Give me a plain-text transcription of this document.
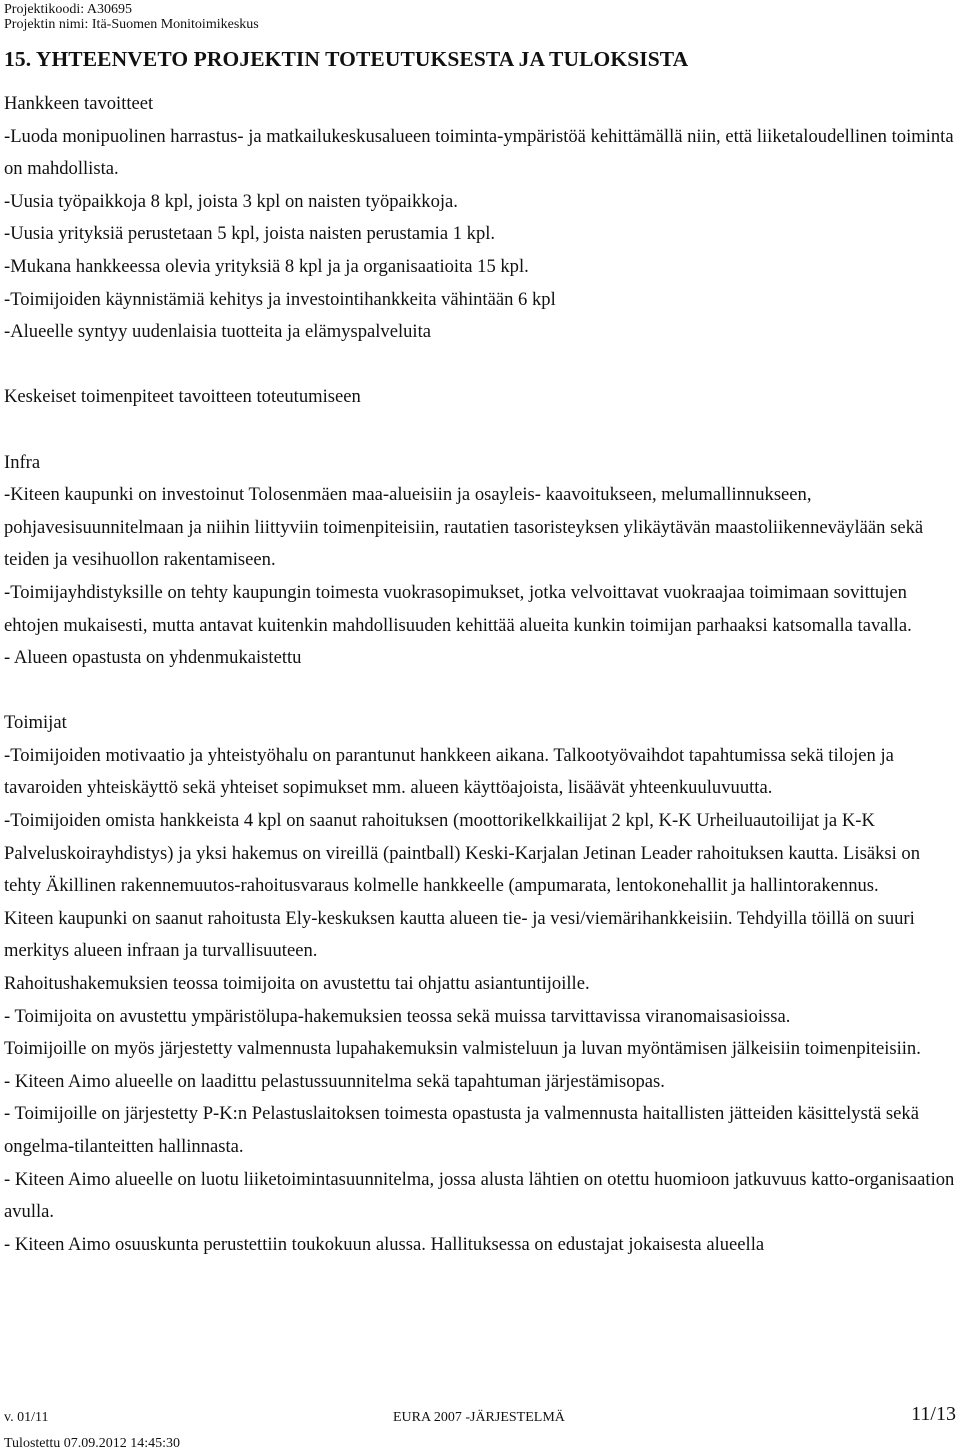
Projektikoodi: A30695
Projektin nimi: Itä-Suomen Monitoimikeskus
15. YHTEENVETO PROJEKTIN TOTEUTUKSESTA JA TULOKSISTA

Hankkeen tavoitteet

-Luoda monipuolinen harrastus- ja matkailukeskusalueen toiminta-ympäristöä kehittämällä niin, että liiketaloudellinen toiminta on mahdollista.

-Uusia työpaikkoja 8 kpl, joista 3 kpl on naisten työpaikkoja.

-Uusia yrityksiä perustetaan 5 kpl, joista naisten perustamia 1 kpl.

-Mukana hankkeessa olevia yrityksiä 8 kpl ja ja organisaatioita 15 kpl.

-Toimijoiden käynnistämiä kehitys ja investointihankkeita vähintään 6 kpl

-Alueelle syntyy uudenlaisia tuotteita ja elämyspalveluita

Keskeiset toimenpiteet tavoitteen toteutumiseen

Infra

-Kiteen kaupunki on investoinut Tolosenmäen maa-alueisiin ja osayleis- kaavoitukseen, melumallinnukseen, pohjavesisuunnitelmaan ja niihin liittyviin toimenpiteisiin, rautatien tasoristeyksen ylikäytävän maastoliikenneväylään sekä teiden ja vesihuollon rakentamiseen.

-Toimijayhdistyksille on tehty kaupungin toimesta vuokrasopimukset, jotka velvoittavat vuokraajaa toimimaan sovittujen ehtojen mukaisesti, mutta antavat kuitenkin mahdollisuuden kehittää alueita kunkin toimijan parhaaksi katsomalla tavalla.

- Alueen opastusta on yhdenmukaistettu

Toimijat

-Toimijoiden motivaatio ja yhteistyöhalu on parantunut hankkeen aikana. Talkootyövaihdot tapahtumissa sekä tilojen ja tavaroiden yhteiskäyttö sekä yhteiset sopimukset mm. alueen käyttöajoista, lisäävät yhteenkuuluvuutta.

-Toimijoiden omista hankkeista 4 kpl on saanut rahoituksen (moottorikelkkailijat 2 kpl, K-K Urheiluautoilijat ja K-K Palveluskoirayhdistys) ja yksi hakemus on vireillä (paintball) Keski-Karjalan Jetinan Leader rahoituksen kautta. Lisäksi on tehty Äkillinen rakennemuutos-rahoitusvaraus kolmelle hankkeelle (ampumarata, lentokonehallit ja hallintorakennus.

Kiteen kaupunki on saanut rahoitusta Ely-keskuksen kautta alueen tie- ja vesi/viemärihankkeisiin. Tehdyilla töillä on suuri merkitys alueen infraan ja turvallisuuteen.

Rahoitushakemuksien teossa toimijoita on avustettu tai ohjattu asiantuntijoille.

- Toimijoita on avustettu ympäristölupa-hakemuksien teossa sekä muissa tarvittavissa viranomaisasioissa.

Toimijoille on myös järjestetty valmennusta lupahakemuksin valmisteluun ja luvan myöntämisen jälkeisiin toimenpiteisiin.

- Kiteen Aimo alueelle on laadittu pelastussuunnitelma sekä tapahtuman järjestämisopas.

- Toimijoille on järjestetty P-K:n Pelastuslaitoksen toimesta opastusta ja valmennusta haitallisten jätteiden käsittelystä sekä ongelma-tilanteitten hallinnasta.

- Kiteen Aimo alueelle on luotu liiketoimintasuunnitelma, jossa alusta lähtien on otettu huomioon jatkuvuus katto-organisaation avulla.

- Kiteen Aimo osuuskunta perustettiin toukokuun alussa. Hallituksessa on edustajat jokaisesta alueella

v. 01/11	EURA 2007 -JÄRJESTELMÄ	11/13
Tulostettu 07.09.2012 14:45:30
